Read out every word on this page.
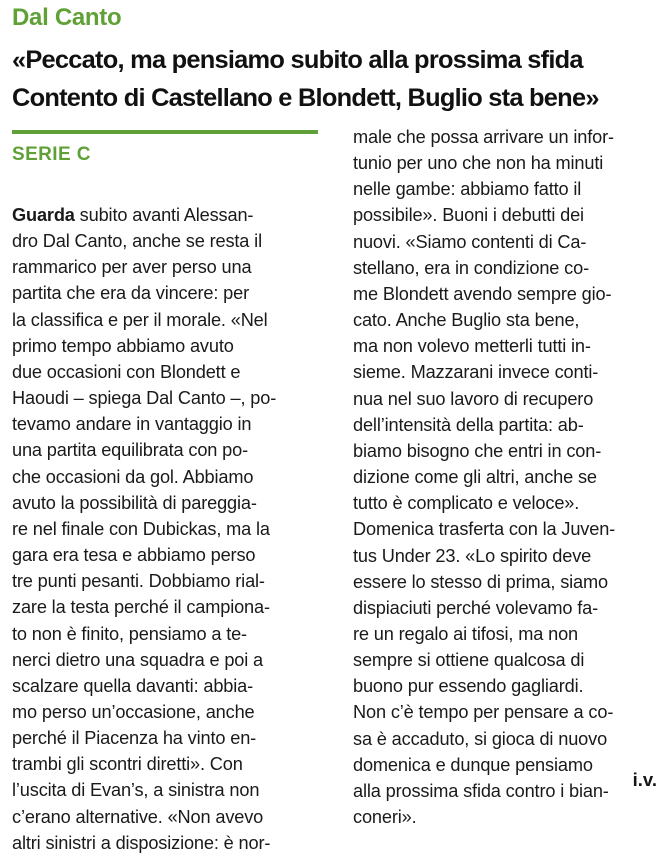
Dal Canto
«Peccato, ma pensiamo subito alla prossima sfida
Contento di Castellano e Blondett, Buglio sta bene»
SERIE C
Guarda subito avanti Alessan-
dro Dal Canto, anche se resta il
rammarico per aver perso una
partita che era da vincere: per
la classifica e per il morale. «Nel
primo tempo abbiamo avuto
due occasioni con Blondett e
Haoudi – spiega Dal Canto –, po-
tevamo andare in vantaggio in
una partita equilibrata con po-
che occasioni da gol. Abbiamo
avuto la possibilità di pareggia-
re nel finale con Dubickas, ma la
gara era tesa e abbiamo perso
tre punti pesanti. Dobbiamo rial-
zare la testa perché il campiona-
to non è finito, pensiamo a te-
nerci dietro una squadra e poi a
scalzare quella davanti: abbia-
mo perso un’occasione, anche
perché il Piacenza ha vinto en-
trambi gli scontri diretti». Con
l’uscita di Evan’s, a sinistra non
c’erano alternative. «Non avevo
altri sinistri a disposizione: è nor-
male che possa arrivare un infor-
tunio per uno che non ha minuti
nelle gambe: abbiamo fatto il
possibile». Buoni i debutti dei
nuovi. «Siamo contenti di Ca-
stellano, era in condizione co-
me Blondett avendo sempre gio-
cato. Anche Buglio sta bene,
ma non volevo metterli tutti in-
sieme. Mazzarani invece conti-
nua nel suo lavoro di recupero
dell’intensità della partita: ab-
biamo bisogno che entri in con-
dizione come gli altri, anche se
tutto è complicato e veloce».
Domenica trasferta con la Juven-
tus Under 23. «Lo spirito deve
essere lo stesso di prima, siamo
dispiaciuti perché volevamo fa-
re un regalo ai tifosi, ma non
sempre si ottiene qualcosa di
buono pur essendo gagliardi.
Non c’è tempo per pensare a co-
sa è accaduto, si gioca di nuovo
domenica e dunque pensiamo
alla prossima sfida contro i bian-
coneri».
i.v.
